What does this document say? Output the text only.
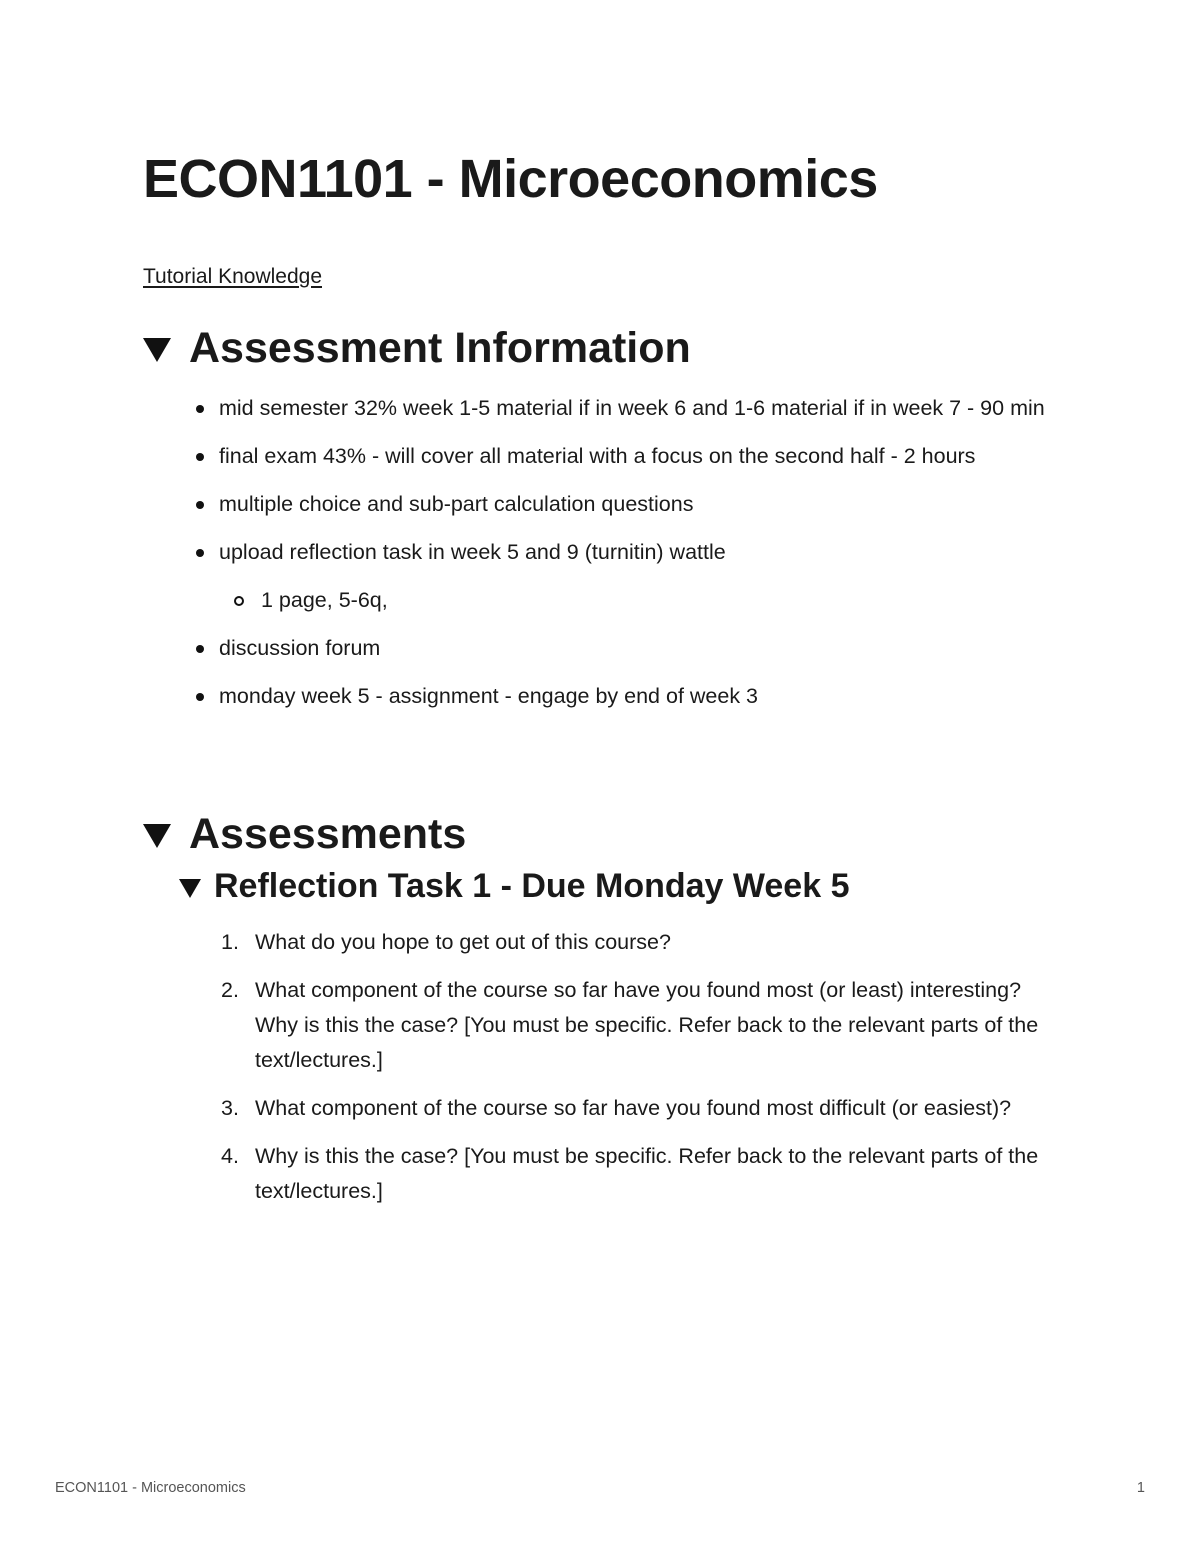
ECON1101 - Microeconomics
Tutorial Knowledge
Assessment Information
mid semester 32% week 1-5 material if in week 6 and 1-6 material if in week 7 - 90 min
final exam 43% - will cover all material with a focus on the second half - 2 hours
multiple choice and sub-part calculation questions
upload reflection task in week 5 and 9 (turnitin) wattle
1 page, 5-6q,
discussion forum
monday week 5 - assignment - engage by end of week 3
Assessments
Reflection Task 1 - Due Monday Week 5
1. What do you hope to get out of this course?
2. What component of the course so far have you found most (or least) interesting?
Why is this the case? [You must be specific. Refer back to the relevant parts of the
text/lectures.]
3. What component of the course so far have you found most difficult (or easiest)?
4. Why is this the case? [You must be specific. Refer back to the relevant parts of the
text/lectures.]
ECON1101 - Microeconomics	1
